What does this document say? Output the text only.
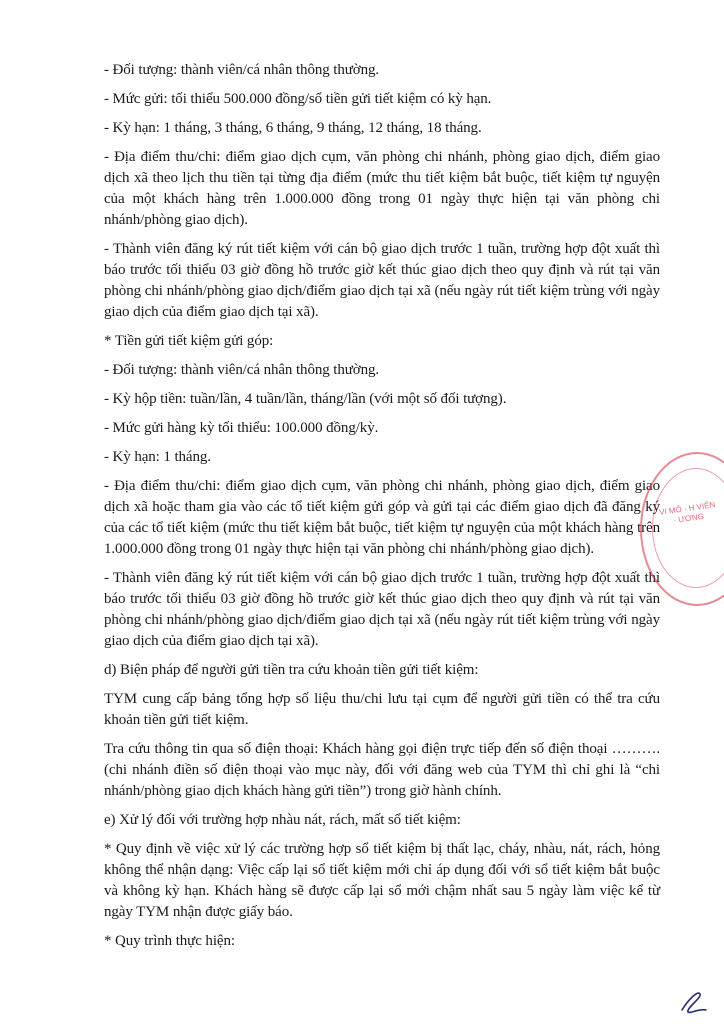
- Đối tượng: thành viên/cá nhân thông thường.

- Mức gửi: tối thiểu 500.000 đồng/sổ tiền gửi tiết kiệm có kỳ hạn.

- Kỳ hạn: 1 tháng, 3 tháng, 6 tháng, 9 tháng, 12 tháng, 18 tháng.

- Địa điểm thu/chi: điểm giao dịch cụm, văn phòng chi nhánh, phòng giao dịch, điểm giao dịch xã theo lịch thu tiền tại từng địa điểm (mức thu tiết kiệm bắt buộc, tiết kiệm tự nguyện của một khách hàng trên 1.000.000 đồng trong 01 ngày thực hiện tại văn phòng chi nhánh/phòng giao dịch).

- Thành viên đăng ký rút tiết kiệm với cán bộ giao dịch trước 1 tuần, trường hợp đột xuất thì báo trước tối thiểu 03 giờ đồng hồ trước giờ kết thúc giao dịch theo quy định và rút tại văn phòng chi nhánh/phòng giao dịch/điểm giao dịch tại xã (nếu ngày rút tiết kiệm trùng với ngày giao dịch của điểm giao dịch tại xã).

* Tiền gửi tiết kiệm gửi góp:

- Đối tượng: thành viên/cá nhân thông thường.

- Kỳ hộp tiền: tuần/lần, 4 tuần/lần, tháng/lần (với một số đối tượng).

- Mức gửi hàng kỳ tối thiểu: 100.000 đồng/kỳ.

- Kỳ hạn: 1 tháng.

- Địa điểm thu/chi: điểm giao dịch cụm, văn phòng chi nhánh, phòng giao dịch, điểm giao dịch xã hoặc tham gia vào các tổ tiết kiệm gửi góp và gửi tại các điểm giao dịch đã đăng ký của các tổ tiết kiệm (mức thu tiết kiệm bắt buộc, tiết kiệm tự nguyện của một khách hàng trên 1.000.000 đồng trong 01 ngày thực hiện tại văn phòng chi nhánh/phòng giao dịch).

- Thành viên đăng ký rút tiết kiệm với cán bộ giao dịch trước 1 tuần, trường hợp đột xuất thì báo trước tối thiểu 03 giờ đồng hồ trước giờ kết thúc giao dịch theo quy định và rút tại văn phòng chi nhánh/phòng giao dịch/điểm giao dịch tại xã (nếu ngày rút tiết kiệm trùng với ngày giao dịch của điểm giao dịch tại xã).

d) Biện pháp để người gửi tiền tra cứu khoản tiền gửi tiết kiệm:

TYM cung cấp bảng tổng hợp số liệu thu/chi lưu tại cụm để người gửi tiền có thể tra cứu khoản tiền gửi tiết kiệm.

Tra cứu thông tin qua số điện thoại: Khách hàng gọi điện trực tiếp đến số điện thoại ……….(chi nhánh điền số điện thoại vào mục này, đối với đăng web của TYM thì chỉ ghi là “chi nhánh/phòng giao dịch khách hàng gửi tiền”) trong giờ hành chính.

e) Xử lý đối với trường hợp nhàu nát, rách, mất sổ tiết kiệm:

* Quy định về việc xử lý các trường hợp sổ tiết kiệm bị thất lạc, cháy, nhàu, nát, rách, hỏng không thể nhận dạng: Việc cấp lại sổ tiết kiệm mới chỉ áp dụng đối với sổ tiết kiệm bắt buộc và không kỳ hạn. Khách hàng sẽ được cấp lại sổ mới chậm nhất sau 5 ngày làm việc kể từ ngày TYM nhận được giấy báo.

* Quy trình thực hiện:

VI MÔ · H VIÊN · ƯƠNG
